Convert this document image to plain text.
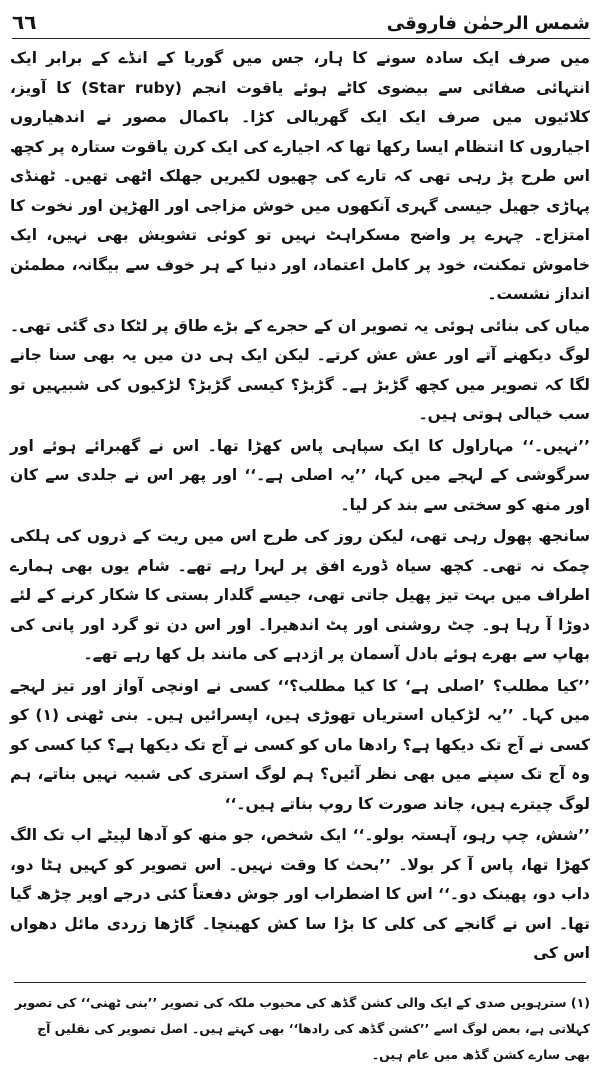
٦٦	شمس الرحمٰن فاروقی

میں صرف ایک سادہ سونے کا ہار، جس میں گوریا کے انڈے کے برابر ایک انتہائی صفائی سے بیضوی کاٹے ہوئے یاقوت انجم (Star ruby) کا آویز، کلائیوں میں صرف ایک ایک گھریالی کڑا۔ باکمال مصور نے اندھیاروں اجیاروں کا انتظام ایسا رکھا تھا کہ اجیارے کی ایک کرن یاقوت ستارہ پر کچھ اس طرح پڑ رہی تھی کہ تارے کی چھیوں لکیریں جھلک اٹھی تھیں۔ ٹھنڈی پہاڑی جھیل جیسی گہری آنکھوں میں خوش مزاجی اور الھڑپن اور نخوت کا امتزاج۔ چہرے پر واضح مسکراہٹ نہیں تو کوئی تشویش بھی نہیں، ایک خاموش تمکنت، خود پر کامل اعتماد، اور دنیا کے ہر خوف سے بیگانہ، مطمئن انداز نشست۔

میاں کی بنائی ہوئی یہ تصویر ان کے حجرے کے بڑے طاق پر لٹکا دی گئی تھی۔ لوگ دیکھنے آتے اور عش عش کرتے۔ لیکن ایک ہی دن میں یہ بھی سنا جانے لگا کہ تصویر میں کچھ گڑبڑ ہے۔ گڑبڑ؟ کیسی گڑبڑ؟ لڑکیوں کی شبیہیں تو سب خیالی ہوتی ہیں۔

’’نہیں۔‘‘ مہاراول کا ایک سپاہی پاس کھڑا تھا۔ اس نے گھبرائے ہوئے اور سرگوشی کے لہجے میں کہا، ’’یہ اصلی ہے۔‘‘ اور پھر اس نے جلدی سے کان اور منھ کو سختی سے بند کر لیا۔

سانجھ پھول رہی تھی، لیکن روز کی طرح اس میں ریت کے ذروں کی ہلکی چمک نہ تھی۔ کچھ سیاہ ڈورے افق پر لہرا رہے تھے۔ شام یوں بھی ہمارے اطراف میں بہت تیز پھیل جاتی تھی، جیسے گلدار بستی کا شکار کرنے کے لئے دوڑا آ رہا ہو۔ چٹ روشنی اور پٹ اندھیرا۔ اور اس دن تو گرد اور پانی کی بھاپ سے بھرے ہوئے بادل آسمان پر اژدہے کی مانند بل کھا رہے تھے۔

’’کیا مطلب؟ ’اصلی ہے‘ کا کیا مطلب؟‘‘ کسی نے اونچی آواز اور تیز لہجے میں کہا۔ ’’یہ لڑکیاں استریاں تھوڑی ہیں، اپسرائیں ہیں۔ بنی ٹھنی (۱) کو کسی نے آج تک دیکھا ہے؟ رادھا ماں کو کسی نے آج تک دیکھا ہے؟ کیا کسی کو وہ آج تک سپنے میں بھی نظر آئیں؟ ہم لوگ استری کی شبیہ نہیں بناتے، ہم لوگ چیترے ہیں، چاند صورت کا روپ بناتے ہیں۔‘‘

’’شش، چپ رہو، آہستہ بولو۔‘‘ ایک شخص، جو منھ کو آدھا لپیٹے اب تک الگ کھڑا تھا، پاس آ کر بولا۔ ’’بحث کا وقت نہیں۔ اس تصویر کو کہیں ہٹا دو، داب دو، پھینک دو۔‘‘ اس کا اضطراب اور جوش دفعتاً کئی درجے اوپر چڑھ گیا تھا۔ اس نے گانجے کی کلی کا بڑا سا کش کھینچا۔ گاڑھا زردی مائل دھواں اس کی

(۱) سترہویں صدی کے ایک والی کشن گڈھ کی محبوب ملکہ کی تصویر ’’بنی ٹھنی‘‘ کی تصویر کہلاتی ہے، بعض لوگ اسے ’’کشن گڈھ کی رادھا‘‘ بھی کہتے ہیں۔ اصل تصویر کی نقلیں آج بھی سارے کشن گڈھ میں عام ہیں۔
